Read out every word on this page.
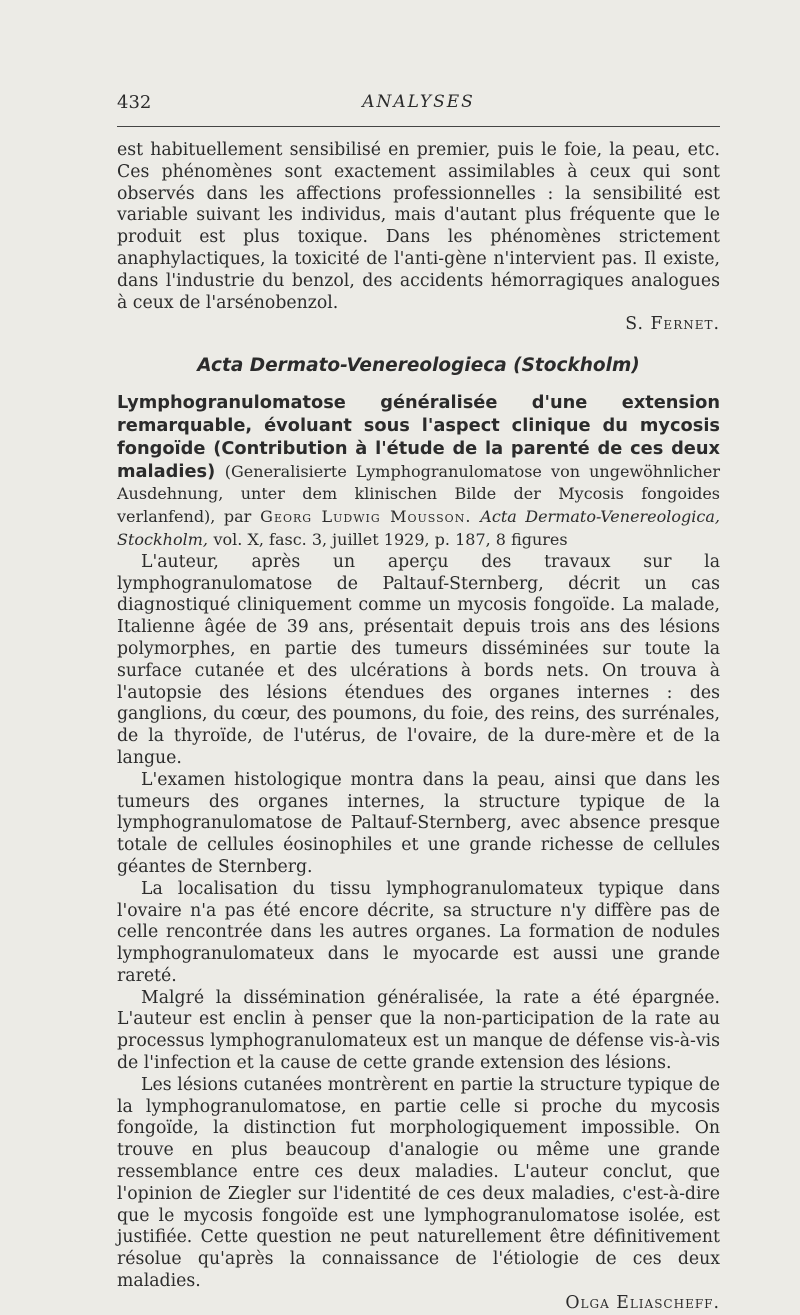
432	ANALYSES

est habituellement sensibilisé en premier, puis le foie, la peau, etc. Ces phénomènes sont exactement assimilables à ceux qui sont observés dans les affections professionnelles : la sensibilité est variable suivant les individus, mais d'autant plus fréquente que le produit est plus toxique. Dans les phénomènes strictement anaphylactiques, la toxicité de l'anti-gène n'intervient pas. Il existe, dans l'industrie du benzol, des accidents hémorragiques analogues à ceux de l'arsénobenzol.

S. Fernet.

Acta Dermato-Venereologieca (Stockholm)

Lymphogranulomatose généralisée d'une extension remarquable, évoluant sous l'aspect clinique du mycosis fongoïde (Contribution à l'étude de la parenté de ces deux maladies) (Generalisierte Lymphogranulomatose von ungewöhnlicher Ausdehnung, unter dem klinischen Bilde der Mycosis fongoides verlanfend), par Georg Ludwig Mousson. Acta Dermato-Venereologica, Stockholm, vol. X, fasc. 3, juillet 1929, p. 187, 8 figures

L'auteur, après un aperçu des travaux sur la lymphogranulomatose de Paltauf-Sternberg, décrit un cas diagnostiqué cliniquement comme un mycosis fongoïde. La malade, Italienne âgée de 39 ans, présentait depuis trois ans des lésions polymorphes, en partie des tumeurs disséminées sur toute la surface cutanée et des ulcérations à bords nets. On trouva à l'autopsie des lésions étendues des organes internes : des ganglions, du cœur, des poumons, du foie, des reins, des surrénales, de la thyroïde, de l'utérus, de l'ovaire, de la dure-mère et de la langue.

L'examen histologique montra dans la peau, ainsi que dans les tumeurs des organes internes, la structure typique de la lymphogranulomatose de Paltauf-Sternberg, avec absence presque totale de cellules éosinophiles et une grande richesse de cellules géantes de Sternberg.

La localisation du tissu lymphogranulomateux typique dans l'ovaire n'a pas été encore décrite, sa structure n'y diffère pas de celle rencontrée dans les autres organes. La formation de nodules lymphogranulomateux dans le myocarde est aussi une grande rareté.

Malgré la dissémination généralisée, la rate a été épargnée. L'auteur est enclin à penser que la non-participation de la rate au processus lymphogranulomateux est un manque de défense vis-à-vis de l'infection et la cause de cette grande extension des lésions.

Les lésions cutanées montrèrent en partie la structure typique de la lymphogranulomatose, en partie celle si proche du mycosis fongoïde, la distinction fut morphologiquement impossible. On trouve en plus beaucoup d'analogie ou même une grande ressemblance entre ces deux maladies. L'auteur conclut, que l'opinion de Ziegler sur l'identité de ces deux maladies, c'est-à-dire que le mycosis fongoïde est une lymphogranulomatose isolée, est justifiée. Cette question ne peut naturellement être définitivement résolue qu'après la connaissance de l'étiologie de ces deux maladies.

Olga Eliascheff.
